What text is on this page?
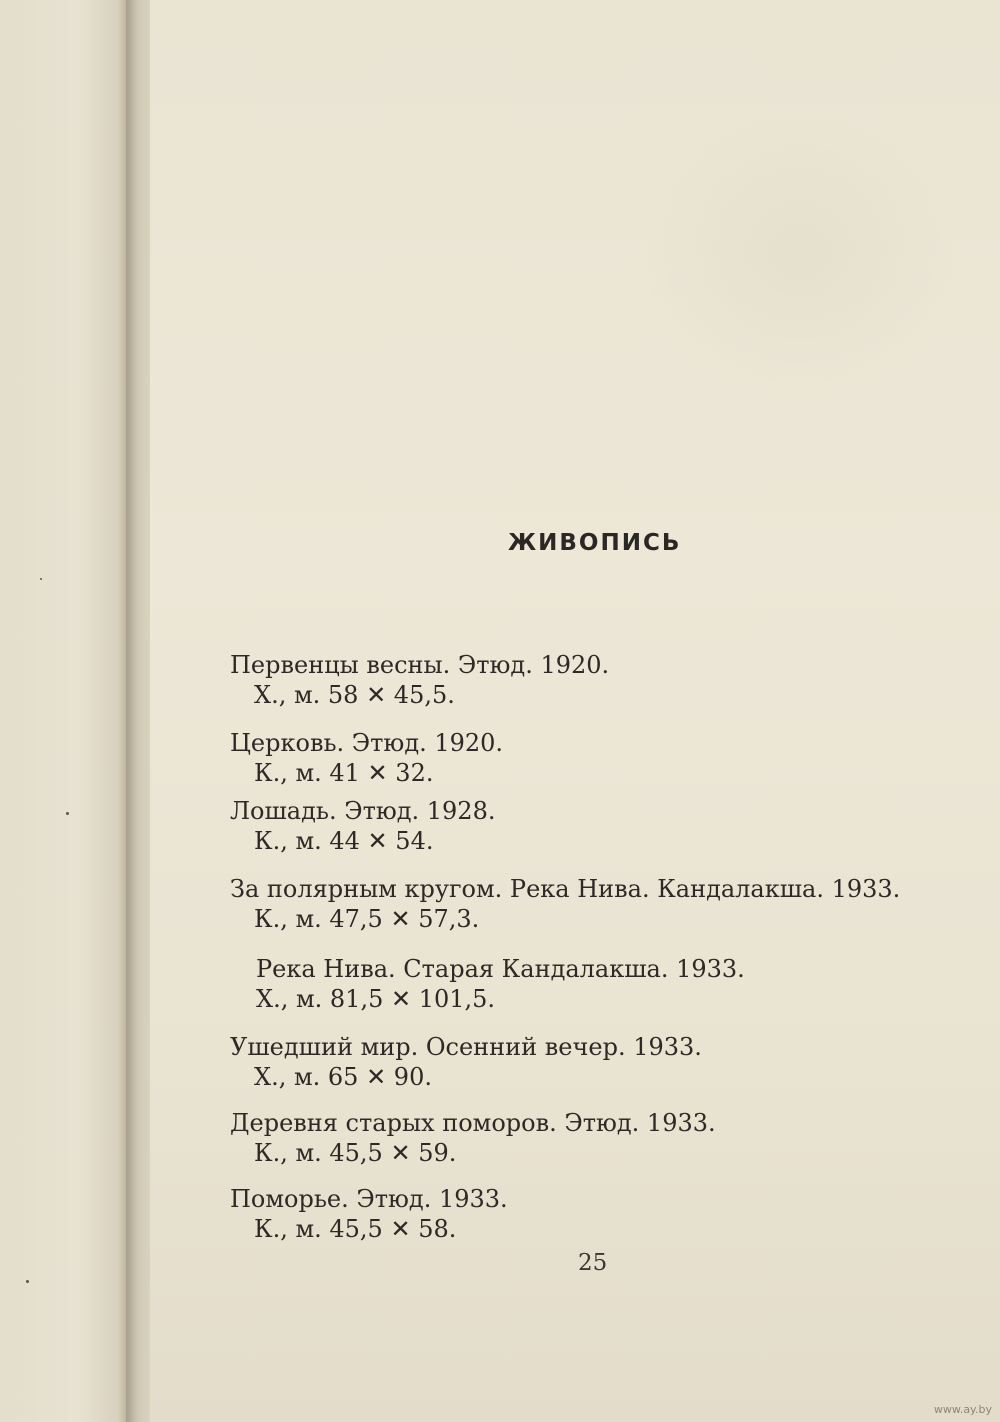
ЖИВОПИСЬ
Первенцы весны. Этюд. 1920.
Х., м. 58 ✕ 45,5.
Церковь. Этюд. 1920.
К., м. 41 ✕ 32.
Лошадь. Этюд. 1928.
К., м. 44 ✕ 54.
За полярным кругом. Река Нива. Кандалакша. 1933.
К., м. 47,5 ✕ 57,3.
Река Нива. Старая Кандалакша. 1933.
Х., м. 81,5 ✕ 101,5.
Ушедший мир. Осенний вечер. 1933.
Х., м. 65 ✕ 90.
Деревня старых поморов. Этюд. 1933.
К., м. 45,5 ✕ 59.
Поморье. Этюд. 1933.
К., м. 45,5 ✕ 58.
25
www.ay.by
